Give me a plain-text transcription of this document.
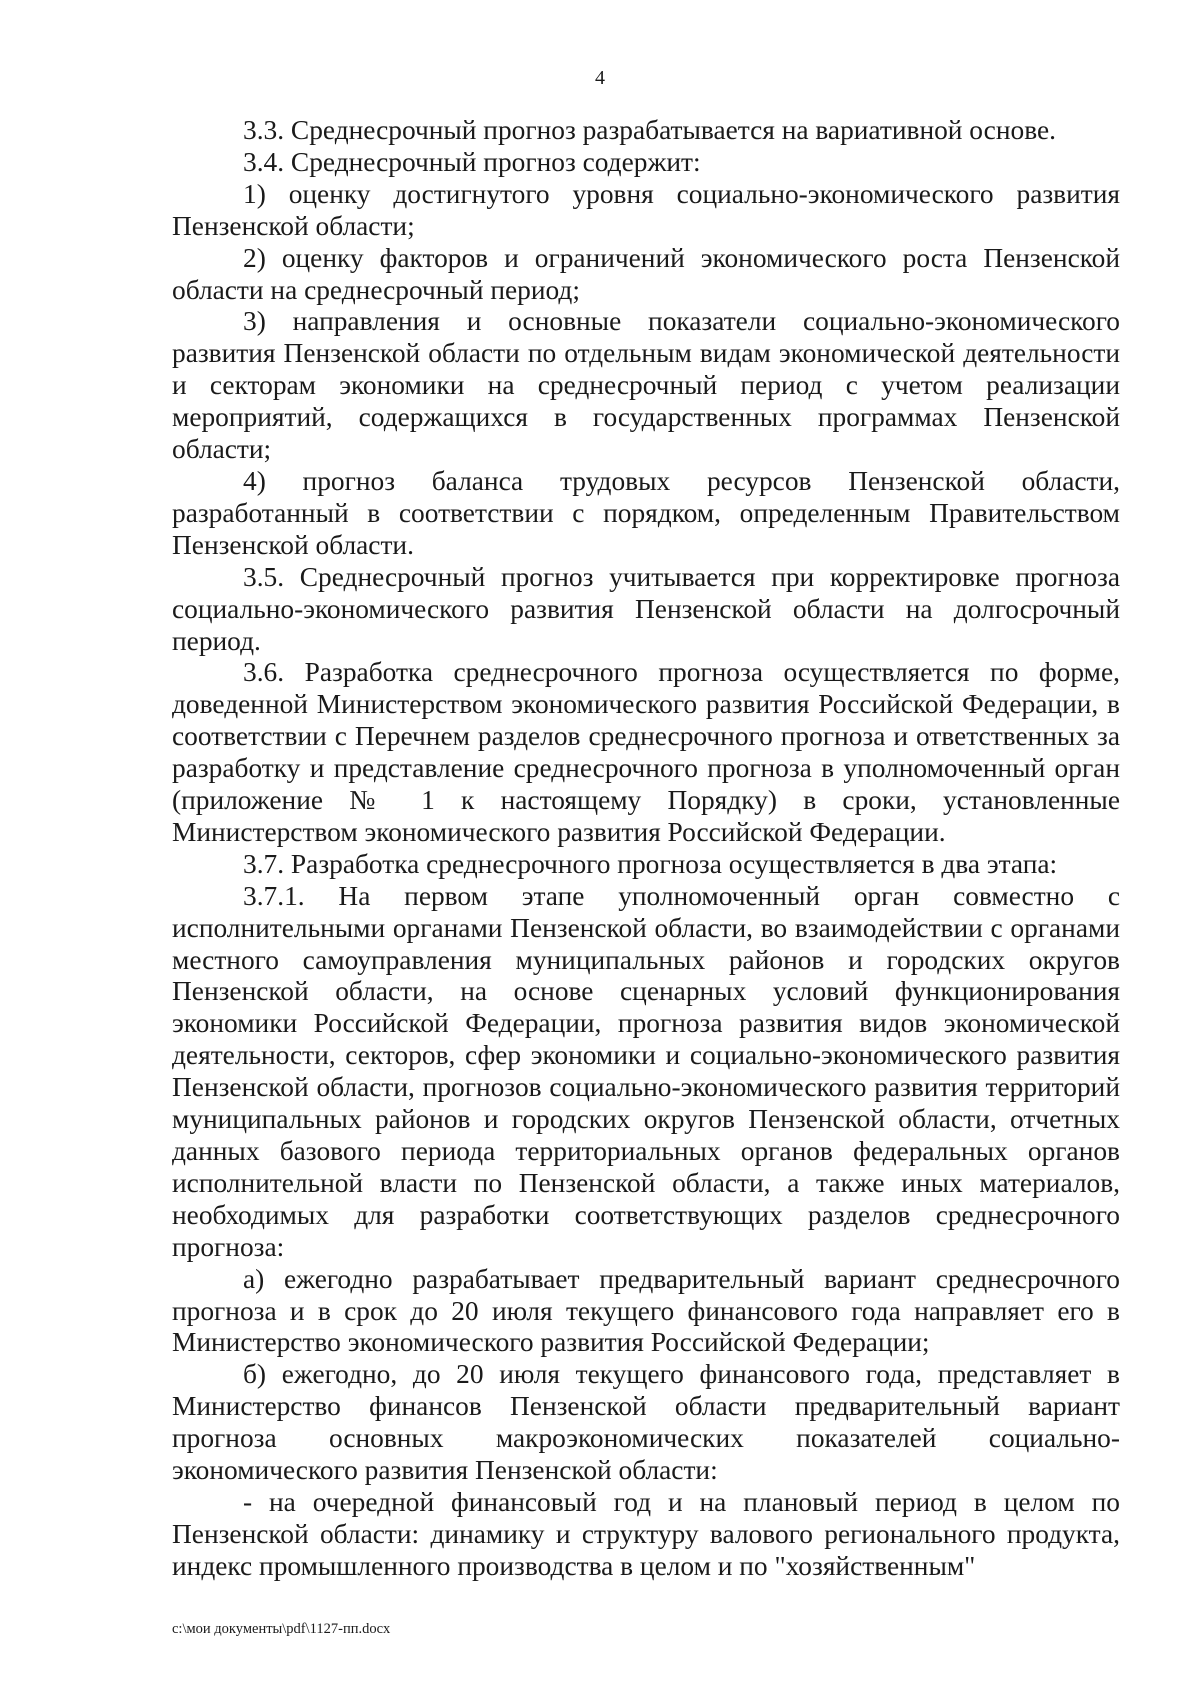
4

3.3. Среднесрочный прогноз разрабатывается на вариативной основе.

3.4. Среднесрочный прогноз содержит:

1) оценку достигнутого уровня социально-экономического развития Пензенской области;

2) оценку факторов и ограничений экономического роста Пензенской области на среднесрочный период;

3) направления и основные показатели социально-экономического развития Пензенской области по отдельным видам экономической деятельности и секторам экономики на среднесрочный период с учетом реализации мероприятий, содержащихся в государственных программах Пензенской области;

4) прогноз баланса трудовых ресурсов Пензенской области, разработанный в соответствии с порядком, определенным Правительством Пензенской области.

3.5. Среднесрочный прогноз учитывается при корректировке прогноза социально-экономического развития Пензенской области на долгосрочный период.

3.6. Разработка среднесрочного прогноза осуществляется по форме, доведенной Министерством экономического развития Российской Федерации, в соответствии с Перечнем разделов среднесрочного прогноза и ответственных за разработку и представление среднесрочного прогноза в уполномоченный орган (приложение № 1 к настоящему Порядку) в сроки, установленные Министерством экономического развития Российской Федерации.

3.7. Разработка среднесрочного прогноза осуществляется в два этапа:

3.7.1. На первом этапе уполномоченный орган совместно с исполнительными органами Пензенской области, во взаимодействии с органами местного самоуправления муниципальных районов и городских округов Пензенской области, на основе сценарных условий функционирования экономики Российской Федерации, прогноза развития видов экономической деятельности, секторов, сфер экономики и социально-экономического развития Пензенской области, прогнозов социально-экономического развития территорий муниципальных районов и городских округов Пензенской области, отчетных данных базового периода территориальных органов федеральных органов исполнительной власти по Пензенской области, а также иных материалов, необходимых для разработки соответствующих разделов среднесрочного прогноза:

а) ежегодно разрабатывает предварительный вариант среднесрочного прогноза и в срок до 20 июля текущего финансового года направляет его в Министерство экономического развития Российской Федерации;

б) ежегодно, до 20 июля текущего финансового года, представляет в Министерство финансов Пензенской области предварительный вариант прогноза основных макроэкономических показателей социально-экономического развития Пензенской области:

- на очередной финансовый год и на плановый период в целом по Пензенской области: динамику и структуру валового регионального продукта, индекс промышленного производства в целом и по "хозяйственным"

c:\мои документы\pdf\1127-пп.docx
